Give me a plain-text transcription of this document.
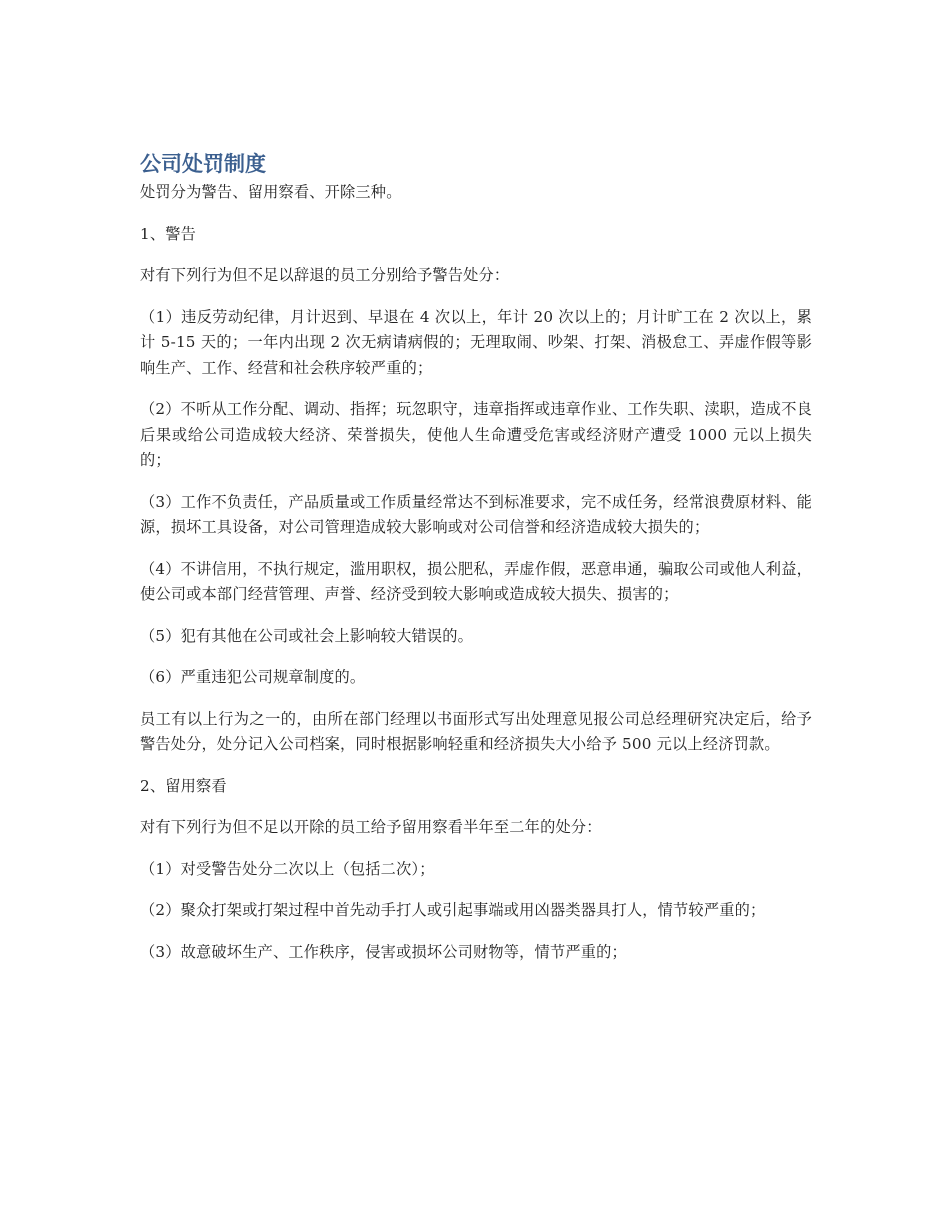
公司处罚制度

处罚分为警告、留用察看、开除三种。

1、警告

对有下列行为但不足以辞退的员工分别给予警告处分：

（1）违反劳动纪律，月计迟到、早退在 4 次以上，年计 20 次以上的；月计旷工在 2 次以上，累计 5-15 天的；一年内出现 2 次无病请病假的；无理取闹、吵架、打架、消极怠工、弄虚作假等影响生产、工作、经营和社会秩序较严重的；

（2）不听从工作分配、调动、指挥；玩忽职守，违章指挥或违章作业、工作失职、渎职，造成不良后果或给公司造成较大经济、荣誉损失，使他人生命遭受危害或经济财产遭受 1000 元以上损失的；

（3）工作不负责任，产品质量或工作质量经常达不到标准要求，完不成任务，经常浪费原材料、能源，损坏工具设备，对公司管理造成较大影响或对公司信誉和经济造成较大损失的；

（4）不讲信用，不执行规定，滥用职权，损公肥私，弄虚作假，恶意串通，骗取公司或他人利益，使公司或本部门经营管理、声誉、经济受到较大影响或造成较大损失、损害的；

（5）犯有其他在公司或社会上影响较大错误的。

（6）严重违犯公司规章制度的。

员工有以上行为之一的，由所在部门经理以书面形式写出处理意见报公司总经理研究决定后，给予警告处分，处分记入公司档案，同时根据影响轻重和经济损失大小给予 500 元以上经济罚款。

2、留用察看

对有下列行为但不足以开除的员工给予留用察看半年至二年的处分：

（1）对受警告处分二次以上（包括二次）；

（2）聚众打架或打架过程中首先动手打人或引起事端或用凶器类器具打人，情节较严重的；

（3）故意破坏生产、工作秩序，侵害或损坏公司财物等，情节严重的；
